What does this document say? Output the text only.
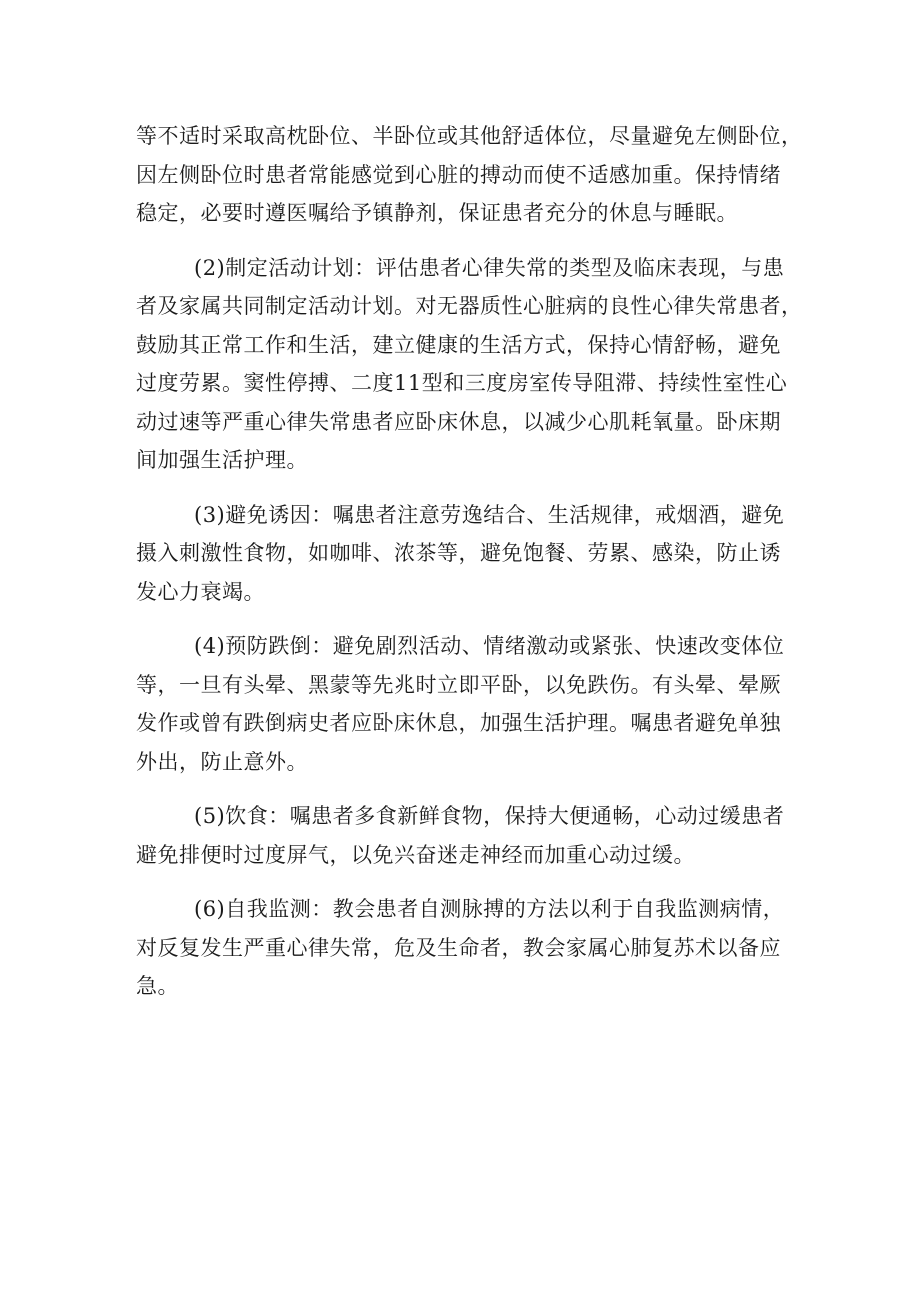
等不适时采取高枕卧位、半卧位或其他舒适体位，尽量避免左侧卧位，
因左侧卧位时患者常能感觉到心脏的搏动而使不适感加重。保持情绪
稳定，必要时遵医嘱给予镇静剂，保证患者充分的休息与睡眠。
(2)制定活动计划：评估患者心律失常的类型及临床表现，与患
者及家属共同制定活动计划。对无器质性心脏病的良性心律失常患者，
鼓励其正常工作和生活，建立健康的生活方式，保持心情舒畅，避免
过度劳累。窦性停搏、二度11型和三度房室传导阻滞、持续性室性心
动过速等严重心律失常患者应卧床休息，以减少心肌耗氧量。卧床期
间加强生活护理。
(3)避免诱因：嘱患者注意劳逸结合、生活规律，戒烟酒，避免
摄入刺激性食物，如咖啡、浓茶等，避免饱餐、劳累、感染，防止诱
发心力衰竭。
(4)预防跌倒：避免剧烈活动、情绪激动或紧张、快速改变体位
等，一旦有头晕、黑蒙等先兆时立即平卧，以免跌伤。有头晕、晕厥
发作或曾有跌倒病史者应卧床休息，加强生活护理。嘱患者避免单独
外出，防止意外。
(5)饮食：嘱患者多食新鲜食物，保持大便通畅，心动过缓患者
避免排便时过度屏气，以免兴奋迷走神经而加重心动过缓。
(6)自我监测：教会患者自测脉搏的方法以利于自我监测病情，
对反复发生严重心律失常，危及生命者，教会家属心肺复苏术以备应
急。
